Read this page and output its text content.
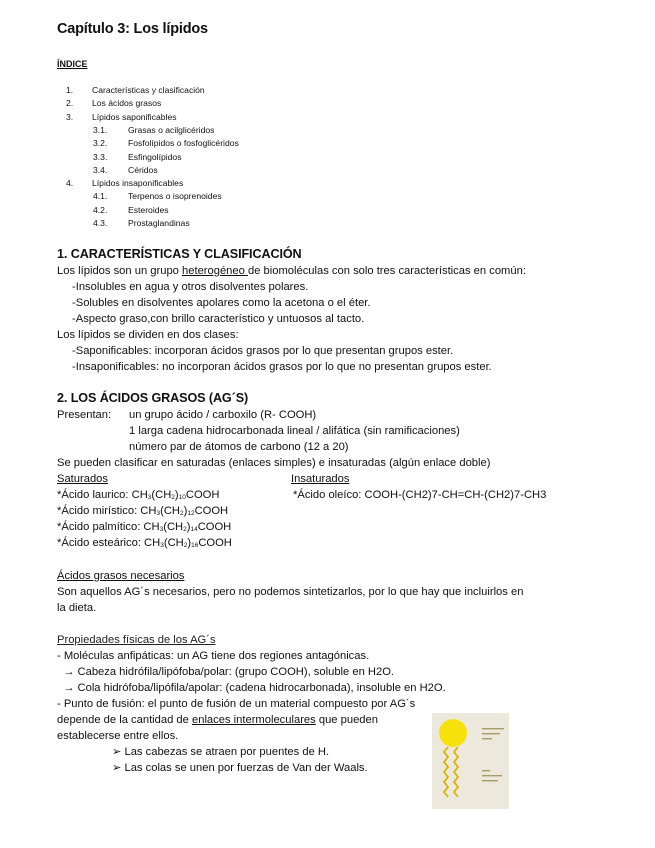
Capítulo 3: Los lípidos
ÍNDICE
1. Características y clasificación
2. Los ácidos grasos
3. Lípidos saponificables
3.1. Grasas o acilglicéridos
3.2. Fosfolípidos o fosfoglicéridos
3.3. Esfingolípidos
3.4. Céridos
4. Lípidos insaponificables
4.1. Terpenos o isoprenoides
4.2. Esteroides
4.3. Prostaglandinas
1. CARACTERÍSTICAS Y CLASIFICACIÓN
Los lípidos son un grupo heterogéneo de biomoléculas con solo tres características en común:
-Insolubles en agua y otros disolventes polares.
-Solubles en disolventes apolares como la acetona o el éter.
-Aspecto graso,con brillo característico y untuosos al tacto.
Los lípidos se dividen en dos clases:
-Saponificables: incorporan ácidos grasos por lo que presentan grupos ester.
-Insaponificables: no incorporan ácidos grasos por lo que no presentan grupos ester.
2. LOS ÁCIDOS GRASOS (AG´S)
Presentan: un grupo ácido / carboxilo (R- COOH)
1 larga cadena hidrocarbonada lineal / alifática (sin ramificaciones)
número par de átomos de carbono (12 a 20)
Se pueden clasificar en saturadas (enlaces simples) e insaturadas (algún enlace doble)
Saturados	Insaturados
*Ácido laurico: CH3(CH2)10COOH
*Ácido mirístico: CH3(CH2)12COOH
*Ácido palmítico: CH3(CH2)14COOH
*Ácido esteárico: CH3(CH2)16COOH
*Ácido oleíco: COOH-(CH2)7-CH=CH-(CH2)7-CH3
Ácidos grasos necesarios
Son aquellos AG´s necesarios, pero no podemos sintetizarlos, por lo que hay que incluirlos en
la dieta.
Propiedades físicas de los AG´s
- Moléculas anfipáticas: un AG tiene dos regiones antagónicas.
→ Cabeza hidrófila/lipófoba/polar: (grupo COOH), soluble en H2O.
→ Cola hidrófoba/lipófila/apolar: (cadena hidrocarbonada), insoluble en H2O.
- Punto de fusión: el punto de fusión de un material compuesto por AG´s
depende de la cantidad de enlaces intermoleculares que pueden
establecerse entre ellos.
➢ Las cabezas se atraen por puentes de H.
➢ Las colas se unen por fuerzas de Van der Waals.
